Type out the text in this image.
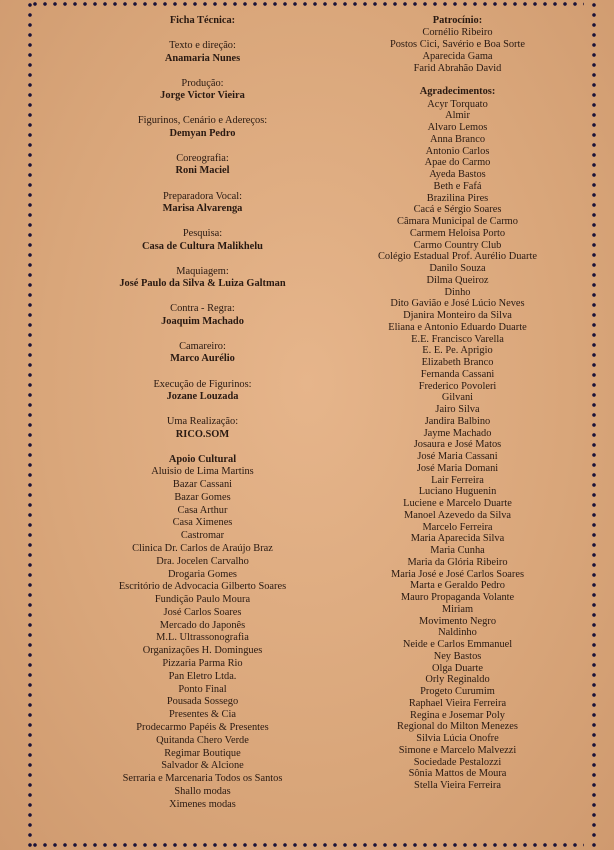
Ficha Técnica:
Texto e direção:
Anamaria Nunes
Produção:
Jorge Victor Vieira
Figurinos, Cenário e Adereços:
Demyan Pedro
Coreografia:
Roni Maciel
Preparadora Vocal:
Marisa Alvarenga
Pesquisa:
Casa de Cultura Malikhelu
Maquiagem:
José Paulo da Silva & Luiza Galtman
Contra - Regra:
Joaquim Machado
Camareiro:
Marco Aurélio
Execução de Figurinos:
Jozane Louzada
Uma Realização:
RICO.SOM
Apoio Cultural
Aluisio de Lima Martins
Bazar Cassani
Bazar Gomes
Casa Arthur
Casa Ximenes
Castromar
Clinica Dr. Carlos de Araújo Braz
Dra. Jocelen Carvalho
Drogaria Gomes
Escritório de Advocacia Gilberto Soares
Fundição Paulo Moura
José Carlos Soares
Mercado do Japonês
M.L. Ultrassonografia
Organizações H. Domingues
Pizzaria Parma Rio
Pan Eletro Ltda.
Ponto Final
Pousada Sossego
Presentes & Cia
Prodecarmo Papéis & Presentes
Quitanda Chero Verde
Regimar Boutique
Salvador & Alcione
Serraria e Marcenaria Todos os Santos
Shallo modas
Ximenes modas
Patrocínio:
Cornélio Ribeiro
Postos Cici, Savério e Boa Sorte
Aparecida Gama
Farid Abrahão David
Agradecimentos:
Acyr Torquato
Almir
Alvaro Lemos
Anna Branco
Antonio Carlos
Apae do Carmo
Ayeda Bastos
Beth e Fafá
Brazilina Pires
Cacá e Sérgio Soares
Câmara Municipal de Carmo
Carmem Heloisa Porto
Carmo Country Club
Colégio Estadual Prof. Aurélio Duarte
Danilo Souza
Dilma Queiroz
Dinho
Dito Gavião e José Lúcio Neves
Djanira Monteiro da Silva
Eliana e Antonio Eduardo Duarte
E.E. Francisco Varella
E. E. Pe. Aprigio
Elizabeth Branco
Fernanda Cassani
Frederico Povoleri
Gilvani
Jairo Silva
Jandira Balbino
Jayme Machado
Josaura e José Matos
José Maria Cassani
José Maria Domani
Lair Ferreira
Luciano Huguenin
Luciene e Marcelo Duarte
Manoel Azevedo da Silva
Marcelo Ferreira
Maria Aparecida Silva
Maria Cunha
Maria da Glória Ribeiro
Maria José e José Carlos Soares
Marta e Geraldo Pedro
Mauro Propaganda Volante
Miriam
Movimento Negro
Naldinho
Neide e Carlos Emmanuel
Ney Bastos
Olga Duarte
Orly Reginaldo
Progeto Curumim
Raphael Vieira Ferreira
Regina e Josemar Poly
Regional do Milton Menezes
Silvia Lúcia Onofre
Simone e Marcelo Malvezzi
Sociedade Pestalozzi
Sônia Mattos de Moura
Stella Vieira Ferreira
